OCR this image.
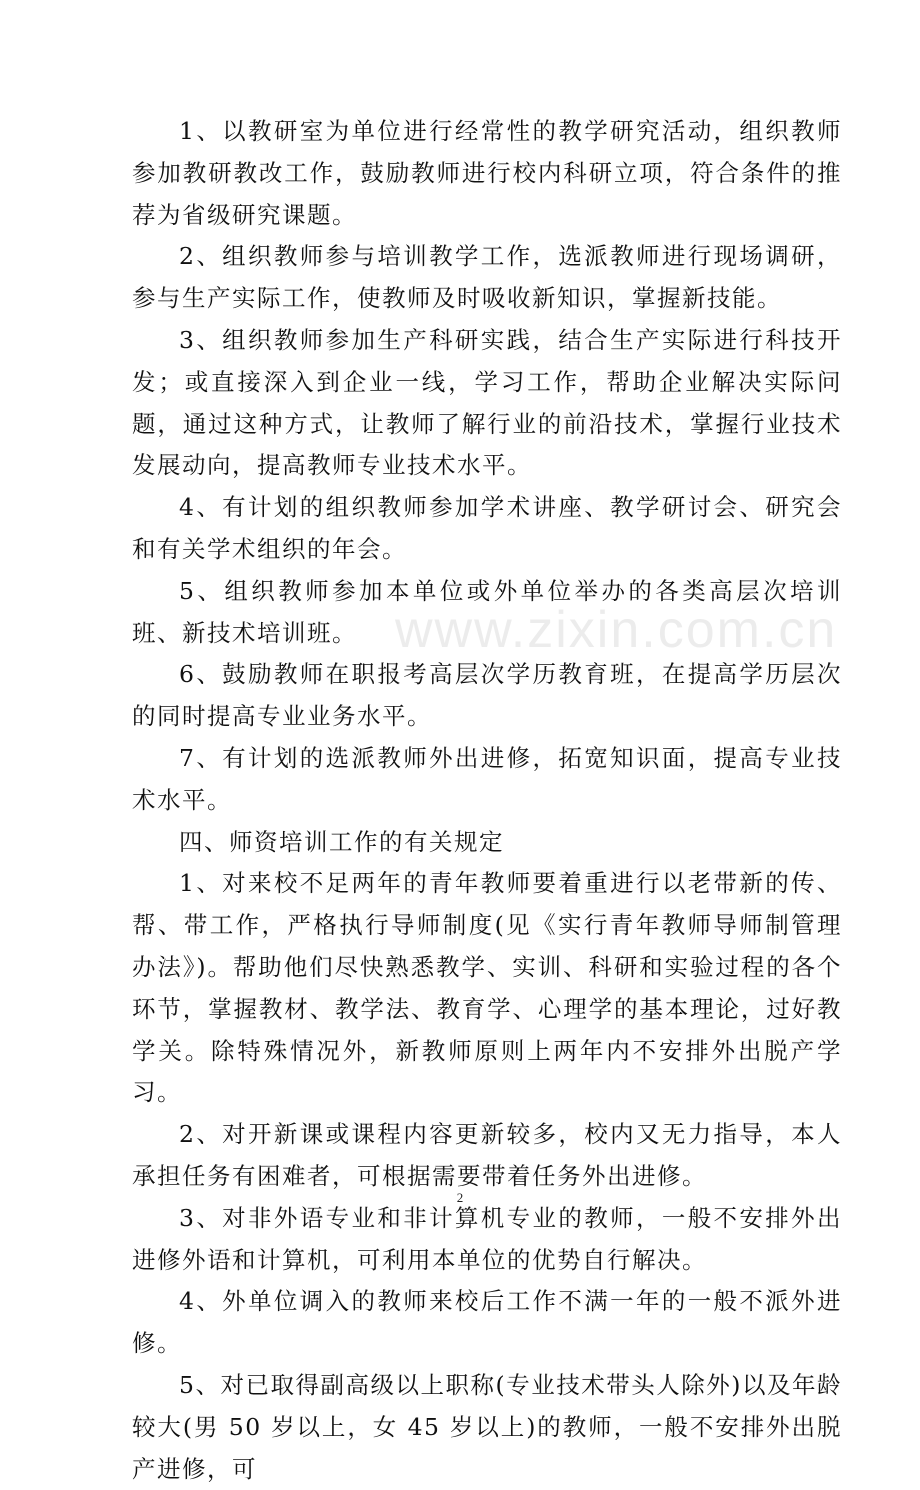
1、以教研室为单位进行经常性的教学研究活动，组织教师参加教研教改工作，鼓励教师进行校内科研立项，符合条件的推荐为省级研究课题。

2、组织教师参与培训教学工作，选派教师进行现场调研，参与生产实际工作，使教师及时吸收新知识，掌握新技能。

3、组织教师参加生产科研实践，结合生产实际进行科技开发；或直接深入到企业一线，学习工作，帮助企业解决实际问题，通过这种方式，让教师了解行业的前沿技术，掌握行业技术发展动向，提高教师专业技术水平。

4、有计划的组织教师参加学术讲座、教学研讨会、研究会和有关学术组织的年会。

5、组织教师参加本单位或外单位举办的各类高层次培训班、新技术培训班。

6、鼓励教师在职报考高层次学历教育班，在提高学历层次的同时提高专业业务水平。

7、有计划的选派教师外出进修，拓宽知识面，提高专业技术水平。

四、师资培训工作的有关规定

1、对来校不足两年的青年教师要着重进行以老带新的传、帮、带工作，严格执行导师制度(见《实行青年教师导师制管理办法》)。帮助他们尽快熟悉教学、实训、科研和实验过程的各个环节，掌握教材、教学法、教育学、心理学的基本理论，过好教学关。除特殊情况外，新教师原则上两年内不安排外出脱产学习。

2、对开新课或课程内容更新较多，校内又无力指导，本人承担任务有困难者，可根据需要带着任务外出进修。

3、对非外语专业和非计算机专业的教师，一般不安排外出进修外语和计算机，可利用本单位的优势自行解决。

4、外单位调入的教师来校后工作不满一年的一般不派外进修。

5、对已取得副高级以上职称(专业技术带头人除外)以及年龄较大(男 50 岁以上，女 45 岁以上)的教师，一般不安排外出脱产进修，可

www.zixin.com.cn
2
